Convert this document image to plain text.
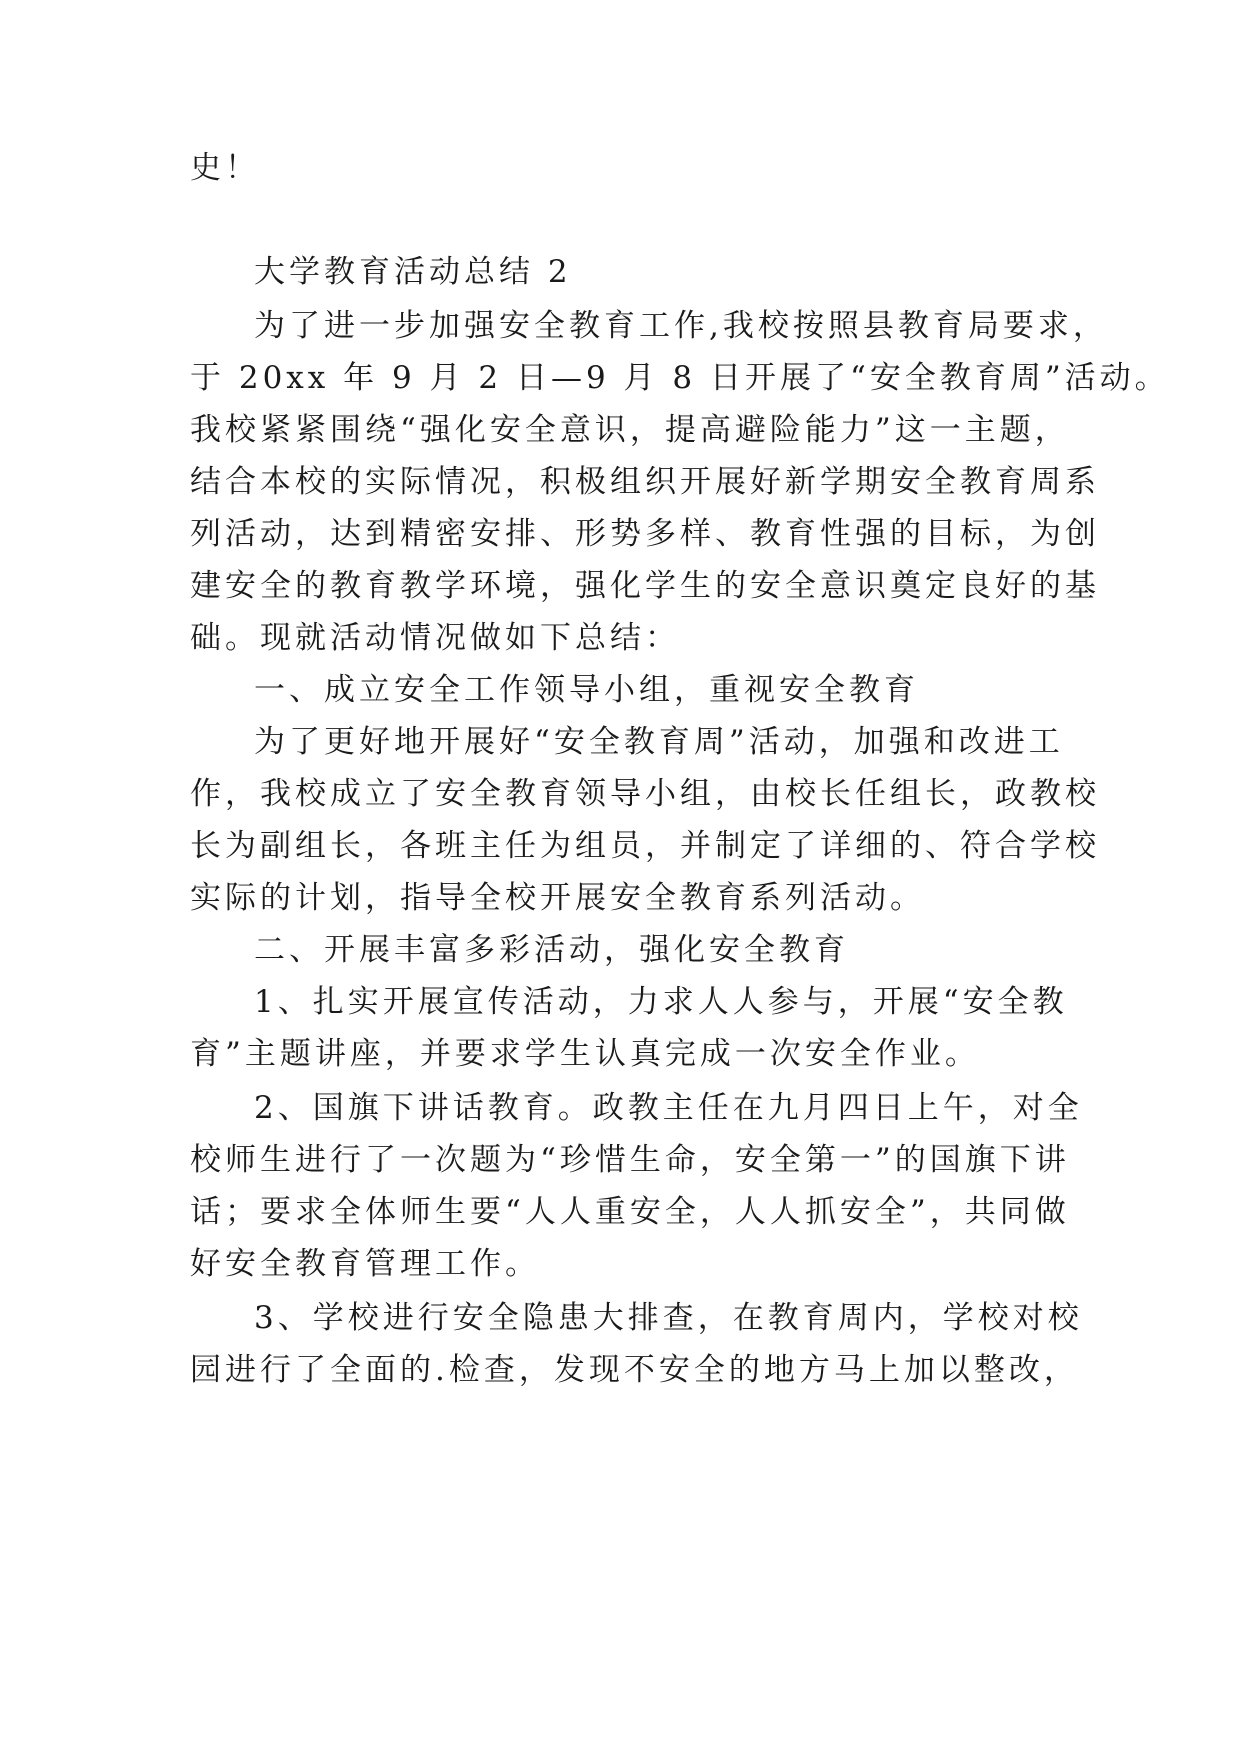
史！
大学教育活动总结 2
为了进一步加强安全教育工作,我校按照县教育局要求，
于 20xx 年 9 月 2 日—9 月 8 日开展了“安全教育周”活动。
我校紧紧围绕“强化安全意识，提高避险能力”这一主题，
结合本校的实际情况，积极组织开展好新学期安全教育周系
列活动，达到精密安排、形势多样、教育性强的目标，为创
建安全的教育教学环境，强化学生的安全意识奠定良好的基
础。现就活动情况做如下总结：
一、成立安全工作领导小组，重视安全教育
为了更好地开展好“安全教育周”活动，加强和改进工
作，我校成立了安全教育领导小组，由校长任组长，政教校
长为副组长，各班主任为组员，并制定了详细的、符合学校
实际的计划，指导全校开展安全教育系列活动。
二、开展丰富多彩活动，强化安全教育
1、扎实开展宣传活动，力求人人参与，开展“安全教
育”主题讲座，并要求学生认真完成一次安全作业。
2、国旗下讲话教育。政教主任在九月四日上午，对全
校师生进行了一次题为“珍惜生命，安全第一”的国旗下讲
话；要求全体师生要“人人重安全，人人抓安全”，共同做
好安全教育管理工作。
3、学校进行安全隐患大排查，在教育周内，学校对校
园进行了全面的.检查，发现不安全的地方马上加以整改，
